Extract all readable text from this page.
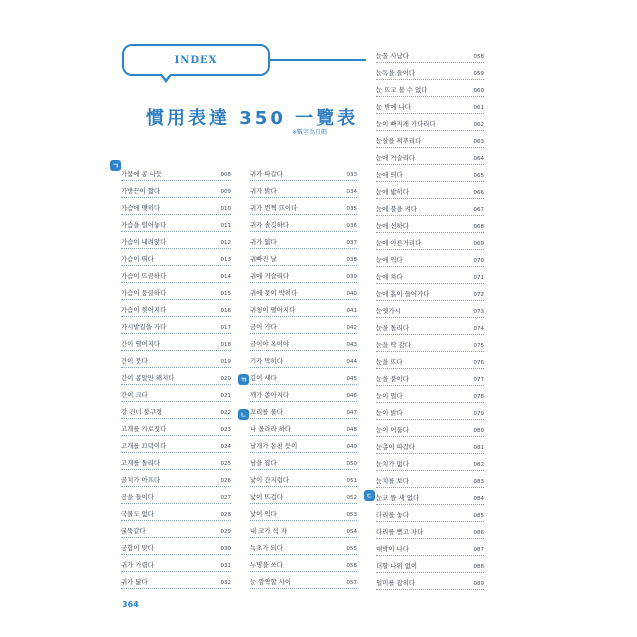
INDEX
慣用表達 350 一覽表
※數字為頁碼
가뭄에 콩 나듯	008
가방끈이 짧다	009
가슴에 맺히다	010
가슴을 털어놓다	011
가슴이 내려앉다	012
가슴이 뛰다	013
가슴이 뜨끔하다	014
가슴이 뭉클하다	015
가슴이 찢어지다	016
가시밭길을 가다	017
간이 떨어지다	018
간이 붓다	019
간이 콩알만 해지다	020
간이 크다	021
강 건너 불구경	022
고개를 가로젓다	023
고개를 끄덕이다	024
고개를 돌리다	025
골치가 아프다	026
공을 들이다	027
국물도 없다	028
굴뚝같다	029
궁합이 맞다	030
귀가 가렵다	031
귀가 닳다	032
귀가 따갑다	033
귀가 밝다	034
귀가 번쩍 뜨이다	035
귀가 솔깃하다	036
귀가 얇다	037
귀빠진 날	038
귀에 거슬리다	039
귀에 못이 박히다	040
귀청이 떨어지다	041
금이 가다	042
금이야 옥이야	043
기가 막히다	044
김이 새다	045
깨가 쏟아지다	046
꼬리를 물다	047
나 몰라라 하다	048
날개가 돋친 듯이	049
남을 잡다	050
낯이 간지럽다	051
낯이 뜨겁다	052
낯이 익다	053
내 코가 석 자	054
녹초가 되다	055
누명을 쓰다	056
눈 깜짝할 사이	057
눈꼴 사납다	058
눈독을 들이다	059
눈 뜨고 볼 수 없다	060
눈 밖에 나다	061
눈이 빠지게 기다리다	062
눈살을 찌푸리다	063
눈에 거슬리다	064
눈에 띄다	065
눈에 밟히다	066
눈에 불을 켜다	067
눈에 선하다	068
눈에 아른거리다	069
눈에 익다	070
눈에 차다	071
눈에 흙이 들어가다	072
눈엣가시	073
눈을 돌리다	074
눈을 딱 감다	075
눈을 뜨다	076
눈을 붙이다	077
눈이 멀다	078
눈이 밝다	079
눈이 어둡다	080
눈총이 따갑다	081
눈치가 없다	082
눈치를 보다	083
눈코 뜰 새 없다	084
다리를 놓다	085
다리를 뻗고 자다	086
대박이 나다	087
더할 나위 없이	088
덜미를 잡히다	089
ㄱ
ㄲ
ㄴ
ㄷ
364
